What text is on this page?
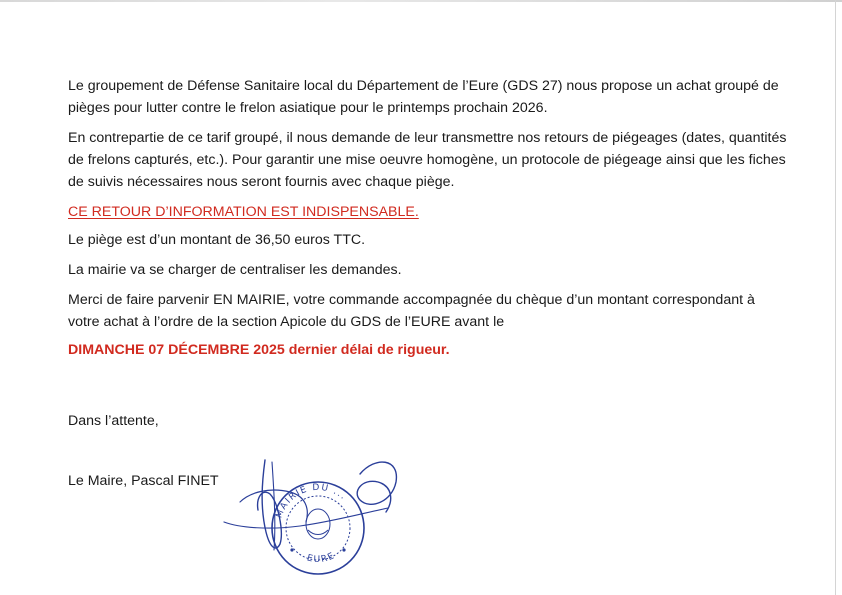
Le groupement de Défense Sanitaire local du Département de l’Eure (GDS 27) nous propose un achat groupé de pièges pour lutter contre le frelon asiatique pour le printemps prochain 2026.

En contrepartie de ce tarif groupé, il nous demande de leur transmettre nos retours de piégeages (dates, quantités de frelons capturés, etc.). Pour garantir une mise oeuvre homogène, un protocole de piégeage ainsi que les fiches de suivis nécessaires nous seront fournis avec chaque piège.

CE RETOUR D’INFORMATION EST INDISPENSABLE.

Le piège est d’un montant de 36,50 euros TTC.

La mairie va se charger de centraliser les demandes.

Merci de faire parvenir EN MAIRIE, votre commande accompagnée du chèque d’un montant correspondant à votre achat à l’ordre de la section Apicole du GDS de l’EURE avant le

DIMANCHE 07 DÉCEMBRE 2025 dernier délai de rigueur.

Dans l’attente,
Le Maire, Pascal FINET
MAIRIE DU ...
EURE
